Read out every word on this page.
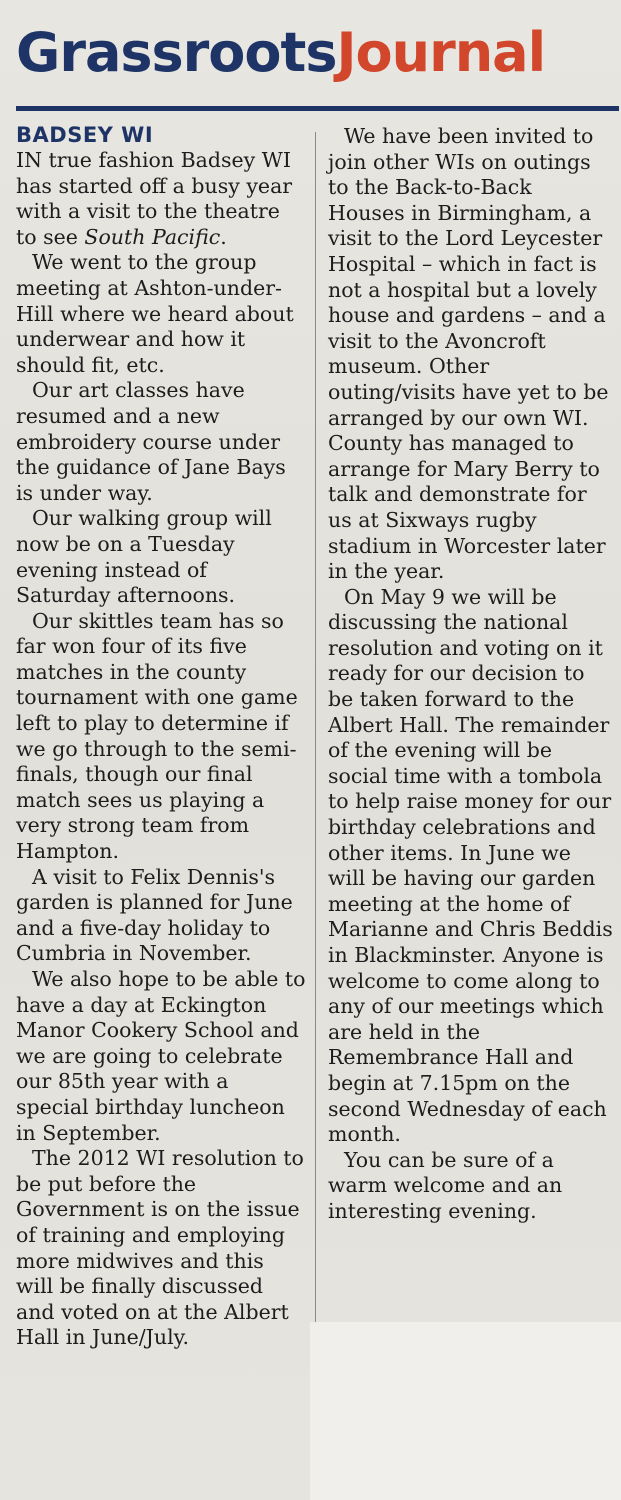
GrassrootsJournal
BADSEY WI

IN true fashion Badsey WI has started off a busy year with a visit to the theatre to see South Pacific.

We went to the group meeting at Ashton-under-Hill where we heard about underwear and how it should fit, etc.

Our art classes have resumed and a new embroidery course under the guidance of Jane Bays is under way.

Our walking group will now be on a Tuesday evening instead of Saturday afternoons.

Our skittles team has so far won four of its five matches in the county tournament with one game left to play to determine if we go through to the semi-finals, though our final match sees us playing a very strong team from Hampton.

A visit to Felix Dennis's garden is planned for June and a five-day holiday to Cumbria in November.

We also hope to be able to have a day at Eckington Manor Cookery School and we are going to celebrate our 85th year with a special birthday luncheon in September.

The 2012 WI resolution to be put before the Government is on the issue of training and employing more midwives and this will be finally discussed and voted on at the Albert Hall in June/July.

We have been invited to join other WIs on outings to the Back-to-Back Houses in Birmingham, a visit to the Lord Leycester Hospital – which in fact is not a hospital but a lovely house and gardens – and a visit to the Avoncroft museum. Other outing/visits have yet to be arranged by our own WI. County has managed to arrange for Mary Berry to talk and demonstrate for us at Sixways rugby stadium in Worcester later in the year.

On May 9 we will be discussing the national resolution and voting on it ready for our decision to be taken forward to the Albert Hall. The remainder of the evening will be social time with a tombola to help raise money for our birthday celebrations and other items. In June we will be having our garden meeting at the home of Marianne and Chris Beddis in Blackminster. Anyone is welcome to come along to any of our meetings which are held in the Remembrance Hall and begin at 7.15pm on the second Wednesday of each month.

You can be sure of a warm welcome and an interesting evening.
